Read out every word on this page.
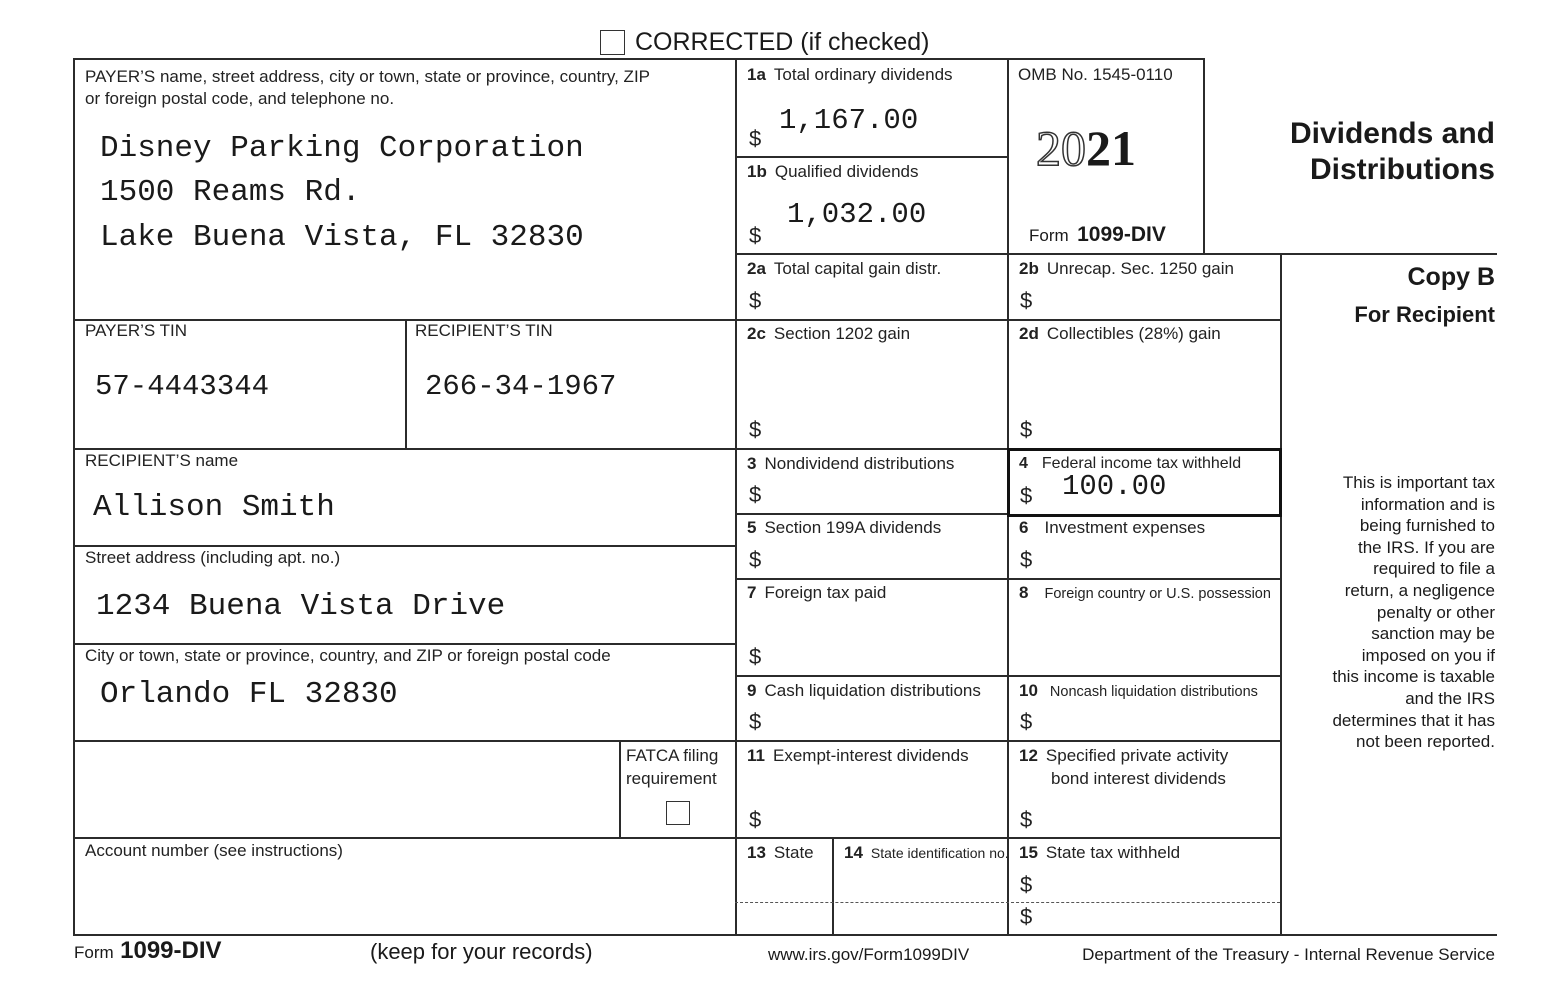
CORRECTED (if checked)
PAYER’S name, street address, city or town, state or province, country, ZIP
or foreign postal code, and telephone no.
Disney Parking Corporation
1500 Reams Rd.
Lake Buena Vista, FL 32830
PAYER’S TIN
57-4443344
RECIPIENT’S TIN
266-34-1967
RECIPIENT’S name
Allison Smith
Street address (including apt. no.)
1234 Buena Vista Drive
City or town, state or province, country, and ZIP or foreign postal code
Orlando FL 32830
FATCA filing
requirement
Account number (see instructions)
1a Total ordinary dividends
$
1,167.00
1b Qualified dividends
$
1,032.00
2a Total capital gain distr.
$
2c Section 1202 gain
$
3 Nondividend distributions
$
5 Section 199A dividends
$
7 Foreign tax paid
$
9 Cash liquidation distributions
$
11 Exempt-interest dividends
$
13 State 14 State identification no.
OMB No. 1545-0110
2021
Form 1099-DIV
2b Unrecap. Sec. 1250 gain
$
2d Collectibles (28%) gain
$
4 Federal income tax withheld
$ 100.00
6 Investment expenses
$
8 Foreign country or U.S. possession
10 Noncash liquidation distributions
$
12 Specified private activity
bond interest dividends
$
15 State tax withheld
$
$
Dividends and
Distributions
Copy B
For Recipient
This is important tax
information and is
being furnished to
the IRS. If you are
required to file a
return, a negligence
penalty or other
sanction may be
imposed on you if
this income is taxable
and the IRS
determines that it has
not been reported.
Form 1099-DIV	(keep for your records)	www.irs.gov/Form1099DIV	Department of the Treasury - Internal Revenue Service
